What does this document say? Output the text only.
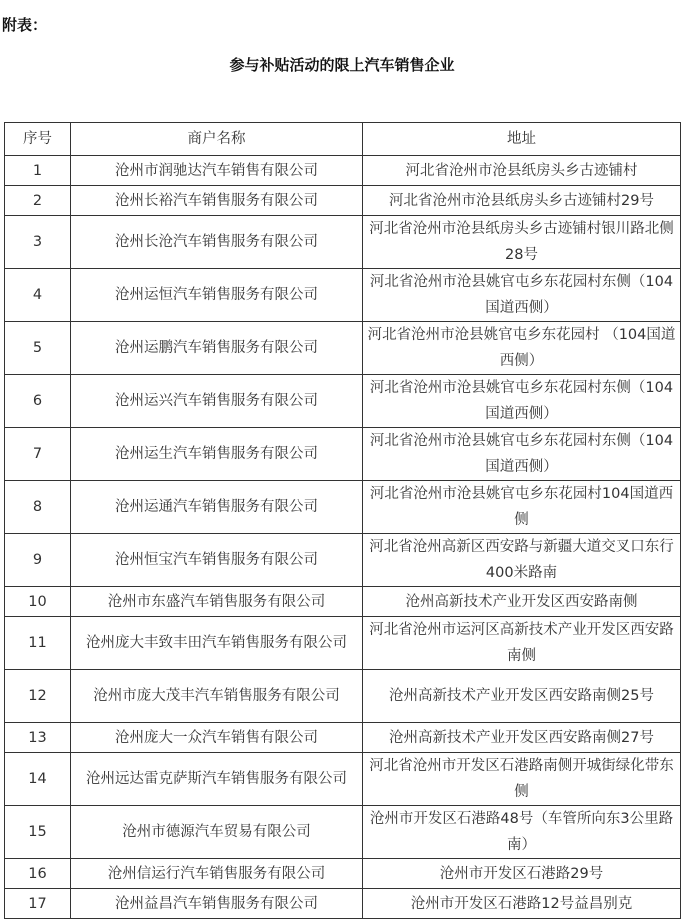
附表：
参与补贴活动的限上汽车销售企业
序号	商户名称	地址
1	沧州市润驰达汽车销售有限公司	河北省沧州市沧县纸房头乡古迹铺村
2	沧州长裕汽车销售服务有限公司	河北省沧州市沧县纸房头乡古迹铺村29号
3	沧州长沧汽车销售服务有限公司	河北省沧州市沧县纸房头乡古迹铺村银川路北侧28号
4	沧州运恒汽车销售服务有限公司	河北省沧州市沧县姚官屯乡东花园村东侧（104国道西侧）
5	沧州运鹏汽车销售服务有限公司	河北省沧州市沧县姚官屯乡东花园村 （104国道西侧）
6	沧州运兴汽车销售服务有限公司	河北省沧州市沧县姚官屯乡东花园村东侧（104国道西侧）
7	沧州运生汽车销售服务有限公司	河北省沧州市沧县姚官屯乡东花园村东侧（104国道西侧）
8	沧州运通汽车销售服务有限公司	河北省沧州市沧县姚官屯乡东花园村104国道西侧
9	沧州恒宝汽车销售服务有限公司	河北省沧州高新区西安路与新疆大道交叉口东行400米路南
10	沧州市东盛汽车销售服务有限公司	沧州高新技术产业开发区西安路南侧
11	沧州庞大丰致丰田汽车销售服务有限公司	河北省沧州市运河区高新技术产业开发区西安路南侧
12	沧州市庞大茂丰汽车销售服务有限公司	沧州高新技术产业开发区西安路南侧25号
13	沧州庞大一众汽车销售有限公司	沧州高新技术产业开发区西安路南侧27号
14	沧州远达雷克萨斯汽车销售服务有限公司	河北省沧州市开发区石港路南侧开城街绿化带东侧
15	沧州市德源汽车贸易有限公司	沧州市开发区石港路48号（车管所向东3公里路南）
16	沧州信运行汽车销售服务有限公司	沧州市开发区石港路29号
17	沧州益昌汽车销售服务有限公司	沧州市开发区石港路12号益昌别克
